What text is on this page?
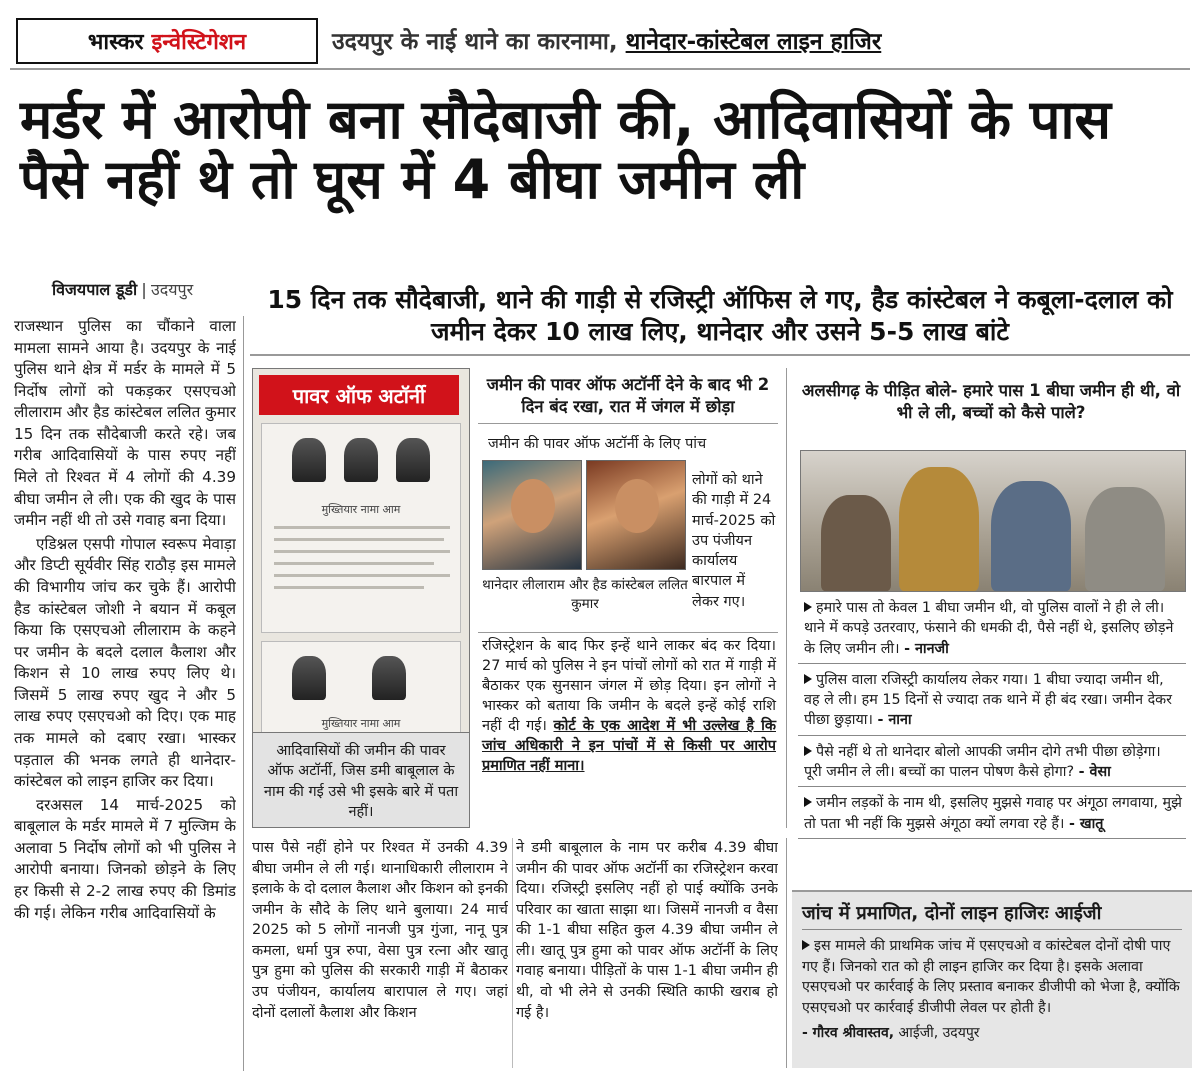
भास्कर इन्वेस्टिगेशन	उदयपुर के नाई थाने का कारनामा, थानेदार-कांस्टेबल लाइन हाजिर
मर्डर में आरोपी बना सौदेबाजी की, आदिवासियों के पास पैसे नहीं थे तो घूस में 4 बीघा जमीन ली
विजयपाल डूडी | उदयपुर	15 दिन तक सौदेबाजी, थाने की गाड़ी से रजिस्ट्री ऑफिस ले गए, हैड कांस्टेबल ने कबूला-दलाल को जमीन देकर 10 लाख लिए, थानेदार और उसने 5-5 लाख बांटे

राजस्थान पुलिस का चौंकाने वाला मामला सामने आया है। उदयपुर के नाई पुलिस थाने क्षेत्र में मर्डर के मामले में 5 निर्दोष लोगों को पकड़कर एसएचओ लीलाराम और हैड कांस्टेबल ललित कुमार 15 दिन तक सौदेबाजी करते रहे। जब गरीब आदिवासियों के पास रुपए नहीं मिले तो रिश्वत में 4 लोगों की 4.39 बीघा जमीन ले ली। एक की खुद के पास जमीन नहीं थी तो उसे गवाह बना दिया।

एडिश्नल एसपी गोपाल स्वरूप मेवाड़ा और डिप्टी सूर्यवीर सिंह राठौड़ इस मामले की विभागीय जांच कर चुके हैं। आरोपी हैड कांस्टेबल जोशी ने बयान में कबूल किया कि एसएचओ लीलाराम के कहने पर जमीन के बदले दलाल कैलाश और किशन से 10 लाख रुपए लिए थे। जिसमें 5 लाख रुपए खुद ने और 5 लाख रुपए एसएचओ को दिए। एक माह तक मामले को दबाए रखा। भास्कर पड़ताल की भनक लगते ही थानेदार-कांस्टेबल को लाइन हाजिर कर दिया।

दरअसल 14 मार्च-2025 को बाबूलाल के मर्डर मामले में 7 मुल्जिम के अलावा 5 निर्दोष लोगों को भी पुलिस ने आरोपी बनाया। जिनको छोड़ने के लिए हर किसी से 2-2 लाख रुपए की डिमांड की गई। लेकिन गरीब आदिवासियों के

पावर ऑफ अटॉर्नी
मुख्तियार नामा आम
मुख्तियार नामा आम
आदिवासियों की जमीन की पावर ऑफ अटॉर्नी, जिस डमी बाबूलाल के नाम की गई उसे भी इसके बारे में पता नहीं।
जमीन की पावर ऑफ अटॉर्नी देने के बाद भी 2 दिन बंद रखा, रात में जंगल में छोड़ा
जमीन की पावर ऑफ अटॉर्नी के लिए पांच
थानेदार लीलाराम और हैड कांस्टेबल ललित कुमार
लोगों को थाने की गाड़ी में 24 मार्च-2025 को उप पंजीयन कार्यालय बारपाल में लेकर गए।
रजिस्ट्रेशन के बाद फिर इन्हें थाने लाकर बंद कर दिया। 27 मार्च को पुलिस ने इन पांचों लोगों को रात में गाड़ी में बैठाकर एक सुनसान जंगल में छोड़ दिया। इन लोगों ने भास्कर को बताया कि जमीन के बदले इन्हें कोई राशि नहीं दी गई। कोर्ट के एक आदेश में भी उल्लेख है कि जांच अधिकारी ने इन पांचों में से किसी पर आरोप प्रमाणित नहीं माना।
अलसीगढ़ के पीड़ित बोले- हमारे पास 1 बीघा जमीन ही थी, वो भी ले ली, बच्चों को कैसे पाले?
हमारे पास तो केवल 1 बीघा जमीन थी, वो पुलिस वालों ने ही ले ली। थाने में कपड़े उतरवाए, फंसाने की धमकी दी, पैसे नहीं थे, इसलिए छोड़ने के लिए जमीन ली। - नानजी
पुलिस वाला रजिस्ट्री कार्यालय लेकर गया। 1 बीघा ज्यादा जमीन थी, वह ले ली। हम 15 दिनों से ज्यादा तक थाने में ही बंद रखा। जमीन देकर पीछा छुड़ाया। - नाना
पैसे नहीं थे तो थानेदार बोलो आपकी जमीन दोगे तभी पीछा छोड़ेगा। पूरी जमीन ले ली। बच्चों का पालन पोषण कैसे होगा? - वेसा
जमीन लड़कों के नाम थी, इसलिए मुझसे गवाह पर अंगूठा लगवाया, मुझे तो पता भी नहीं कि मुझसे अंगूठा क्यों लगवा रहे हैं। - खातू
जांच में प्रमाणित, दोनों लाइन हाजिरः आईजी
इस मामले की प्राथमिक जांच में एसएचओ व कांस्टेबल दोनों दोषी पाए गए हैं। जिनको रात को ही लाइन हाजिर कर दिया है। इसके अलावा एसएचओ पर कार्रवाई के लिए प्रस्ताव बनाकर डीजीपी को भेजा है, क्योंकि एसएचओ पर कार्रवाई डीजीपी लेवल पर होती है।
- गौरव श्रीवास्तव, आईजी, उदयपुर
पास पैसे नहीं होने पर रिश्वत में उनकी 4.39 बीघा जमीन ले ली गई। थानाधिकारी लीलाराम ने इलाके के दो दलाल कैलाश और किशन को इनकी जमीन के सौदे के लिए थाने बुलाया। 24 मार्च 2025 को 5 लोगों नानजी पुत्र गुंजा, नानू पुत्र कमला, धर्मा पुत्र रुपा, वेसा पुत्र रत्ना और खातू पुत्र हुमा को पुलिस की सरकारी गाड़ी में बैठाकर उप पंजीयन, कार्यालय बारापाल ले गए। जहां दोनों दलालों कैलाश और किशन
ने डमी बाबूलाल के नाम पर करीब 4.39 बीघा जमीन की पावर ऑफ अटॉर्नी का रजिस्ट्रेशन करवा दिया। रजिस्ट्री इसलिए नहीं हो पाई क्योंकि उनके परिवार का खाता साझा था। जिसमें नानजी व वैसा की 1-1 बीघा सहित कुल 4.39 बीघा जमीन ले ली। खातू पुत्र हुमा को पावर ऑफ अटॉर्नी के लिए गवाह बनाया। पीड़ितों के पास 1-1 बीघा जमीन ही थी, वो भी लेने से उनकी स्थिति काफी खराब हो गई है।
